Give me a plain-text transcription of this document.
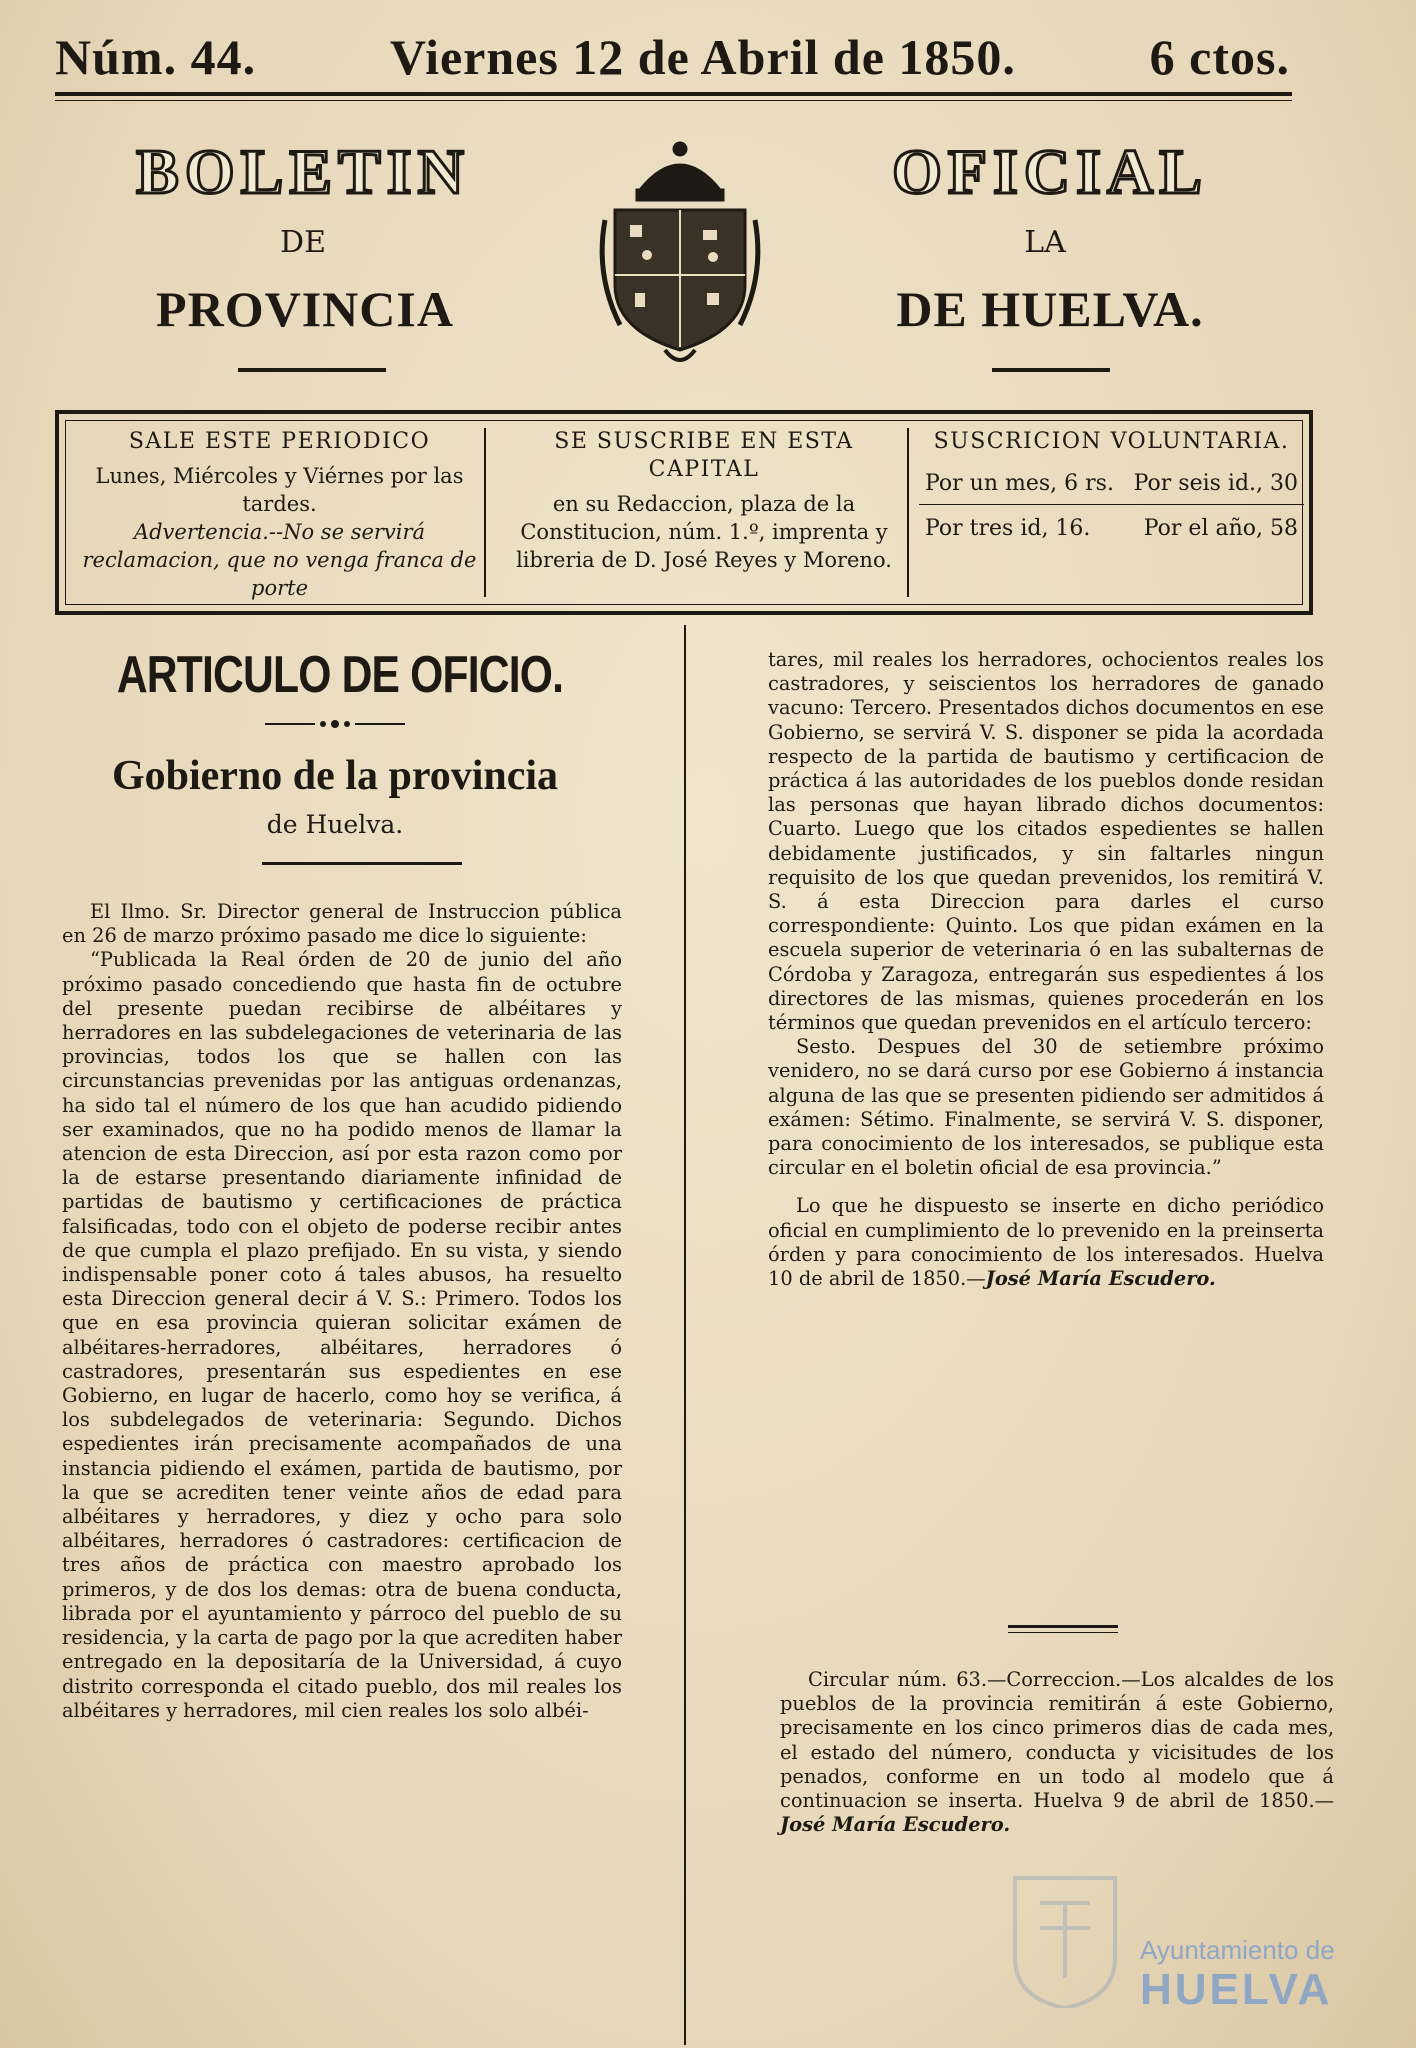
Núm. 44.	Viernes 12 de Abril de 1850.	6 ctos.
BOLETIN	OFICIAL
DE	LA
PROVINCIA	DE HUELVA.
SALE ESTE PERIODICO
Lunes, Miércoles y Viérnes por las tardes.
Advertencia.--No se servirá reclamacion, que no venga franca de porte
SE SUSCRIBE EN ESTA CAPITAL
en su Redaccion, plaza de la Constitucion, núm. 1.º, imprenta y libreria de D. José Reyes y Moreno.
SUSCRICION VOLUNTARIA.
Por un mes, 6 rs. Por seis id., 30
Por tres id, 16. Por el año, 58
ARTICULO DE OFICIO.
Gobierno de la provincia
de Huelva.

El Ilmo. Sr. Director general de Instruccion pública en 26 de marzo próximo pasado me dice lo siguiente:

“Publicada la Real órden de 20 de junio del año próximo pasado concediendo que hasta fin de octubre del presente puedan recibirse de albéitares y herradores en las subdelegaciones de veterinaria de las provincias, todos los que se hallen con las circunstancias prevenidas por las antiguas ordenanzas, ha sido tal el número de los que han acudido pidiendo ser examinados, que no ha podido menos de llamar la atencion de esta Direccion, así por esta razon como por la de estarse presentando diariamente infinidad de partidas de bautismo y certificaciones de práctica falsificadas, todo con el objeto de poderse recibir antes de que cumpla el plazo prefijado. En su vista, y siendo indispensable poner coto á tales abusos, ha resuelto esta Direccion general decir á V. S.: Primero. Todos los que en esa provincia quieran solicitar exámen de albéitares-herradores, albéitares, herradores ó castradores, presentarán sus espedientes en ese Gobierno, en lugar de hacerlo, como hoy se verifica, á los subdelegados de veterinaria: Segundo. Dichos espedientes irán precisamente acompañados de una instancia pidiendo el exámen, partida de bautismo, por la que se acrediten tener veinte años de edad para albéitares y herradores, y diez y ocho para solo albéitares, herradores ó castradores: certificacion de tres años de práctica con maestro aprobado los primeros, y de dos los demas: otra de buena conducta, librada por el ayuntamiento y párroco del pueblo de su residencia, y la carta de pago por la que acrediten haber entregado en la depositaría de la Universidad, á cuyo distrito corresponda el citado pueblo, dos mil reales los albéitares y herradores, mil cien reales los solo albéi-

tares, mil reales los herradores, ochocientos reales los castradores, y seiscientos los herradores de ganado vacuno: Tercero. Presentados dichos documentos en ese Gobierno, se servirá V. S. disponer se pida la acordada respecto de la partida de bautismo y certificacion de práctica á las autoridades de los pueblos donde residan las personas que hayan librado dichos documentos: Cuarto. Luego que los citados espedientes se hallen debidamente justificados, y sin faltarles ningun requisito de los que quedan prevenidos, los remitirá V. S. á esta Direccion para darles el curso correspondiente: Quinto. Los que pidan exámen en la escuela superior de veterinaria ó en las subalternas de Córdoba y Zaragoza, entregarán sus espedientes á los directores de las mismas, quienes procederán en los términos que quedan prevenidos en el artículo tercero:

Sesto. Despues del 30 de setiembre próximo venidero, no se dará curso por ese Gobierno á instancia alguna de las que se presenten pidiendo ser admitidos á exámen: Sétimo. Finalmente, se servirá V. S. disponer, para conocimiento de los interesados, se publique esta circular en el boletin oficial de esa provincia.”

Lo que he dispuesto se inserte en dicho periódico oficial en cumplimiento de lo prevenido en la preinserta órden y para conocimiento de los interesados. Huelva 10 de abril de 1850.—José María Escudero.

Circular núm. 63.—Correccion.—Los alcaldes de los pueblos de la provincia remitirán á este Gobierno, precisamente en los cinco primeros dias de cada mes, el estado del número, conducta y vicisitudes de los penados, conforme en un todo al modelo que á continuacion se inserta. Huelva 9 de abril de 1850.—José María Escudero.

Ayuntamiento de
HUELVA
